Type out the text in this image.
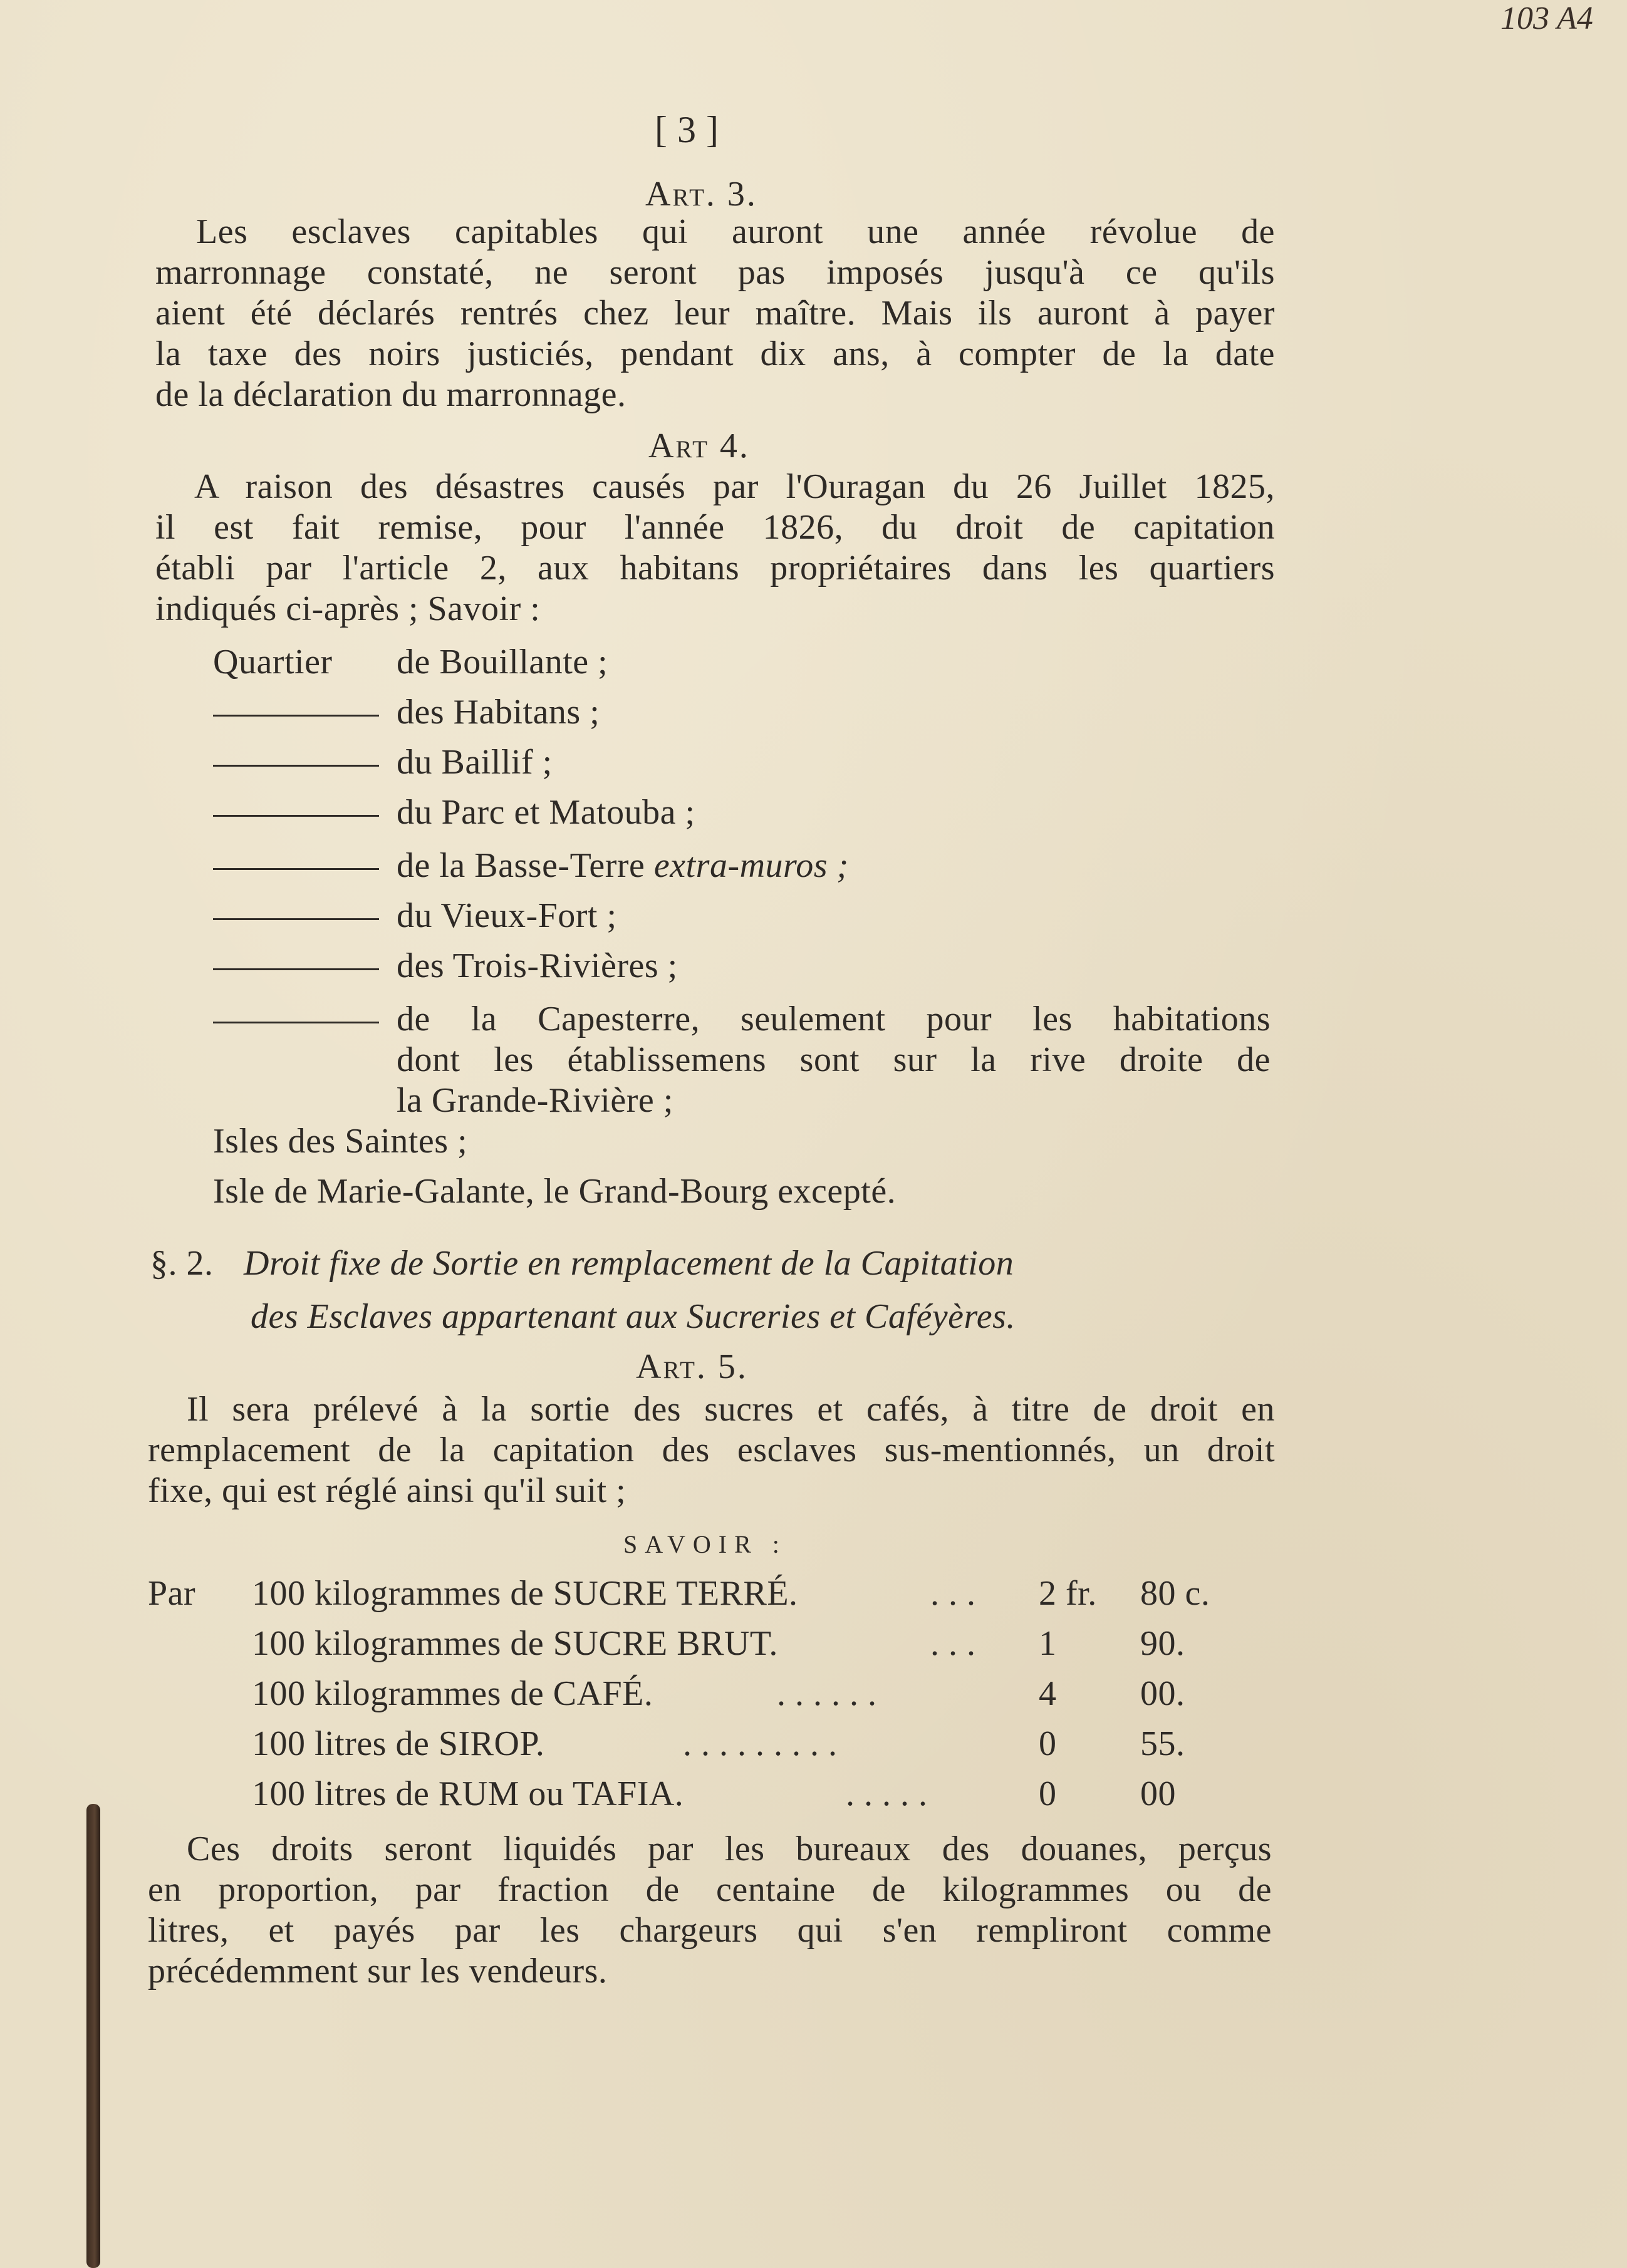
103 A4
[ 3 ]
Art. 3.
Les esclaves capitables qui auront une année révolue de
marronnage constaté, ne seront pas imposés jusqu'à ce qu'ils
aient été déclarés rentrés chez leur maître. Mais ils auront à payer
la taxe des noirs justiciés, pendant dix ans, à compter de la date
de la déclaration du marronnage.
Art 4.
A raison des désastres causés par l'Ouragan du 26 Juillet 1825,
il est fait remise, pour l'année 1826, du droit de capitation
établi par l'article 2, aux habitans propriétaires dans les quartiers
indiqués ci-après ; Savoir :
Quartier de Bouillante ;
des Habitans ;
du Baillif ;
du Parc et Matouba ;
de la Basse-Terre extra-muros ;
du Vieux-Fort ;
des Trois-Rivières ;
de la Capesterre, seulement pour les habitations
dont les établissemens sont sur la rive droite de
la Grande-Rivière ;
Isles des Saintes ;
Isle de Marie-Galante, le Grand-Bourg excepté.
§. 2. Droit fixe de Sortie en remplacement de la Capitation
des Esclaves appartenant aux Sucreries et Caféyères.
Art. 5.
Il sera prélevé à la sortie des sucres et cafés, à titre de droit en
remplacement de la capitation des esclaves sus-mentionnés, un droit
fixe, qui est réglé ainsi qu'il suit ;
SAVOIR :
Par 100 kilogrammes de SUCRE TERRÉ.	. . . 2 fr. 80 c.
100 kilogrammes de SUCRE BRUT.	. . . 1 90.
100 kilogrammes de CAFÉ.	. . . . . .	4 00.
100 litres de SIROP.	. . . . . . . . .	0 55.
100 litres de RUM ou TAFIA.	. . . . .	0 00
Ces droits seront liquidés par les bureaux des douanes, perçus
en proportion, par fraction de centaine de kilogrammes ou de
litres, et payés par les chargeurs qui s'en rempliront comme
précédemment sur les vendeurs.
